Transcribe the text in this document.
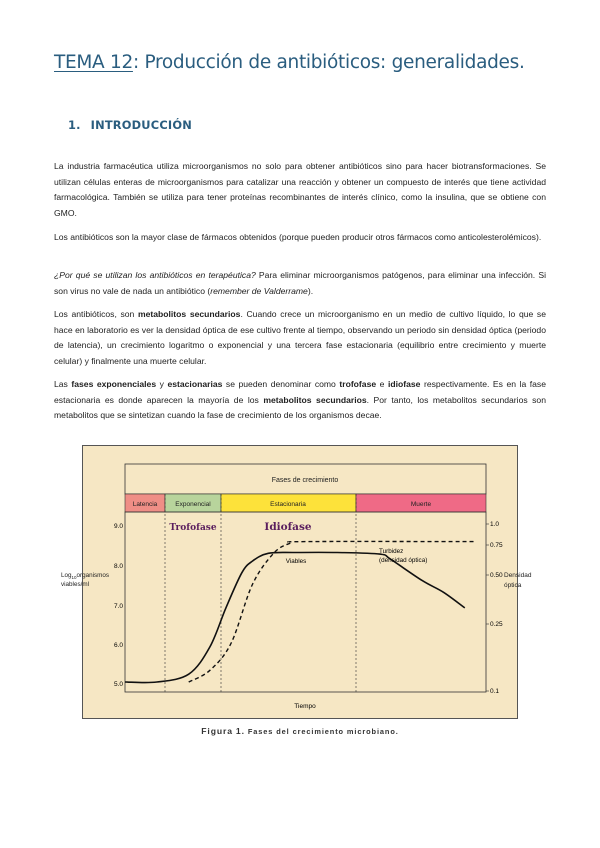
TEMA 12: Producción de antibióticos: generalidades.
1. INTRODUCCIÓN

La industria farmacéutica utiliza microorganismos no solo para obtener antibióticos sino para hacer biotransformaciones. Se utilizan células enteras de microorganismos para catalizar una reacción y obtener un compuesto de interés que tiene actividad farmacológica. También se utiliza para tener proteínas recombinantes de interés clínico, como la insulina, que se obtiene con GMO.

Los antibióticos son la mayor clase de fármacos obtenidos (porque pueden producir otros fármacos como anticolesterolémicos).

¿Por qué se utilizan los antibióticos en terapéutica? Para eliminar microorganismos patógenos, para eliminar una infección. Si son virus no vale de nada un antibiótico (remember de Valderrame).

Los antibióticos, son metabolitos secundarios. Cuando crece un microorganismo en un medio de cultivo líquido, lo que se hace en laboratorio es ver la densidad óptica de ese cultivo frente al tiempo, observando un periodo sin densidad óptica (periodo de latencia), un crecimiento logaritmo o exponencial y una tercera fase estacionaria (equilibrio entre crecimiento y muerte celular) y finalmente una muerte celular.

Las fases exponenciales y estacionarias se pueden denominar como trofofase e idiofase respectivamente. Es en la fase estacionaria es donde aparecen la mayoría de los metabolitos secundarios. Por tanto, los metabolitos secundarios son metabolitos que se sintetizan cuando la fase de crecimiento de los organismos decae.

Fases de crecimiento
Latencia	Exponencial	Estacionaria	Muerte
Trofofase	Idiofase
9.0
8.0
7.0
6.0
5.0
1.0
0.75
0.50
0.25
0.1
Log$_{10}$organismos
viables/ml
Densidad
óptica
Viables
Turbidez
(densidad óptica)
Tiempo
Figura 1. Fases del crecimiento microbiano.
